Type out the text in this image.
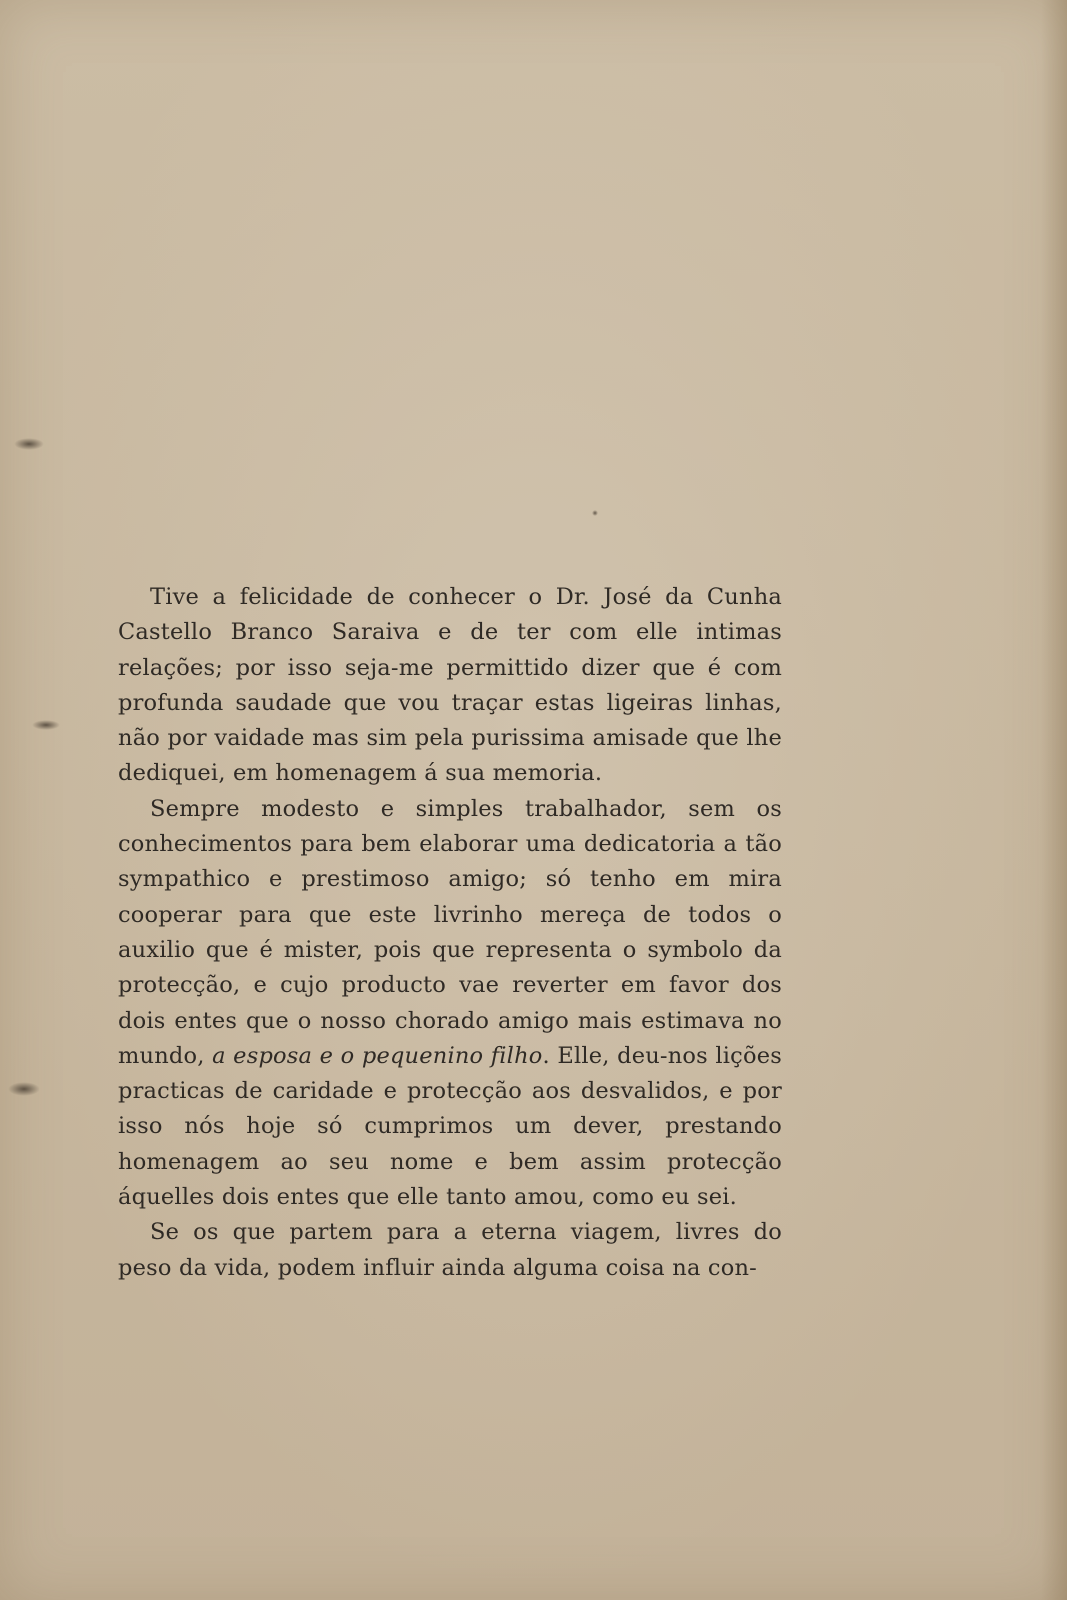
Tive a felicidade de conhecer o Dr. José da Cunha Castello Branco Saraiva e de ter com elle intimas relações; por isso seja-me permittido dizer que é com profunda saudade que vou traçar estas ligeiras linhas, não por vaidade mas sim pela purissima amisade que lhe dediquei, em homenagem á sua memoria.

Sempre modesto e simples trabalhador, sem os conhecimentos para bem elaborar uma dedicatoria a tão sympathico e prestimoso amigo; só tenho em mira cooperar para que este livrinho mereça de todos o auxilio que é mister, pois que representa o symbolo da protecção, e cujo producto vae reverter em favor dos dois entes que o nosso chorado amigo mais estimava no mundo, a esposa e o pequenino filho. Elle, deu-nos lições practicas de caridade e protecção aos desvalidos, e por isso nós hoje só cumprimos um dever, prestando homenagem ao seu nome e bem assim protecção áquelles dois entes que elle tanto amou, como eu sei.

Se os que partem para a eterna viagem, livres do peso da vida, podem influir ainda alguma coisa na con-
